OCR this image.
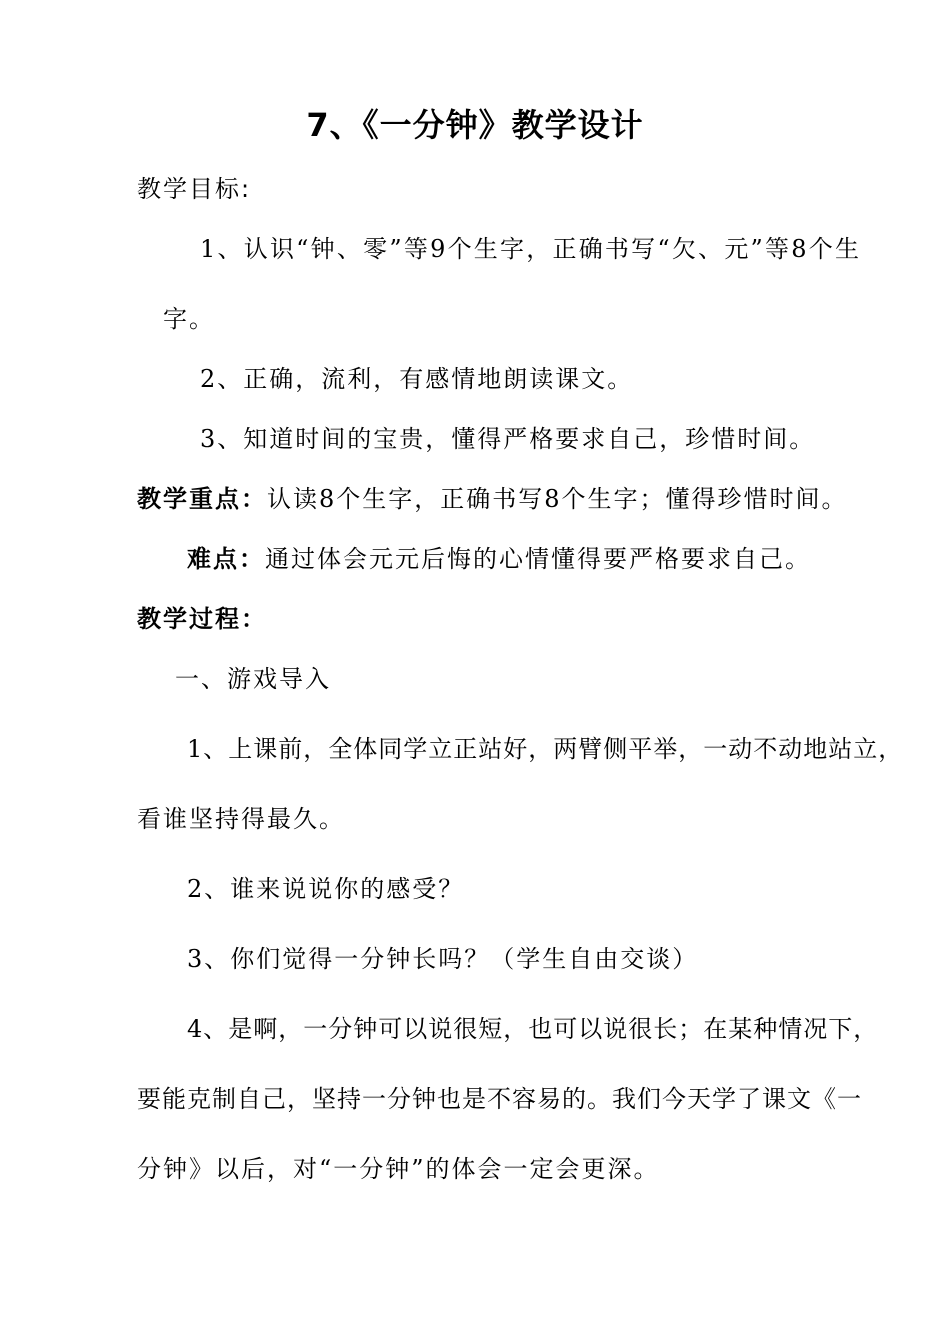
7、《一分钟》教学设计
教学目标:
1、认识“钟、零”等9个生字，正确书写“欠、元”等8个生
字。
2、正确，流利，有感情地朗读课文。
3、知道时间的宝贵，懂得严格要求自己，珍惜时间。
教学重点：认读8个生字，正确书写8个生字；懂得珍惜时间。
难点：通过体会元元后悔的心情懂得要严格要求自己。
教学过程：
一、游戏导入
1、上课前，全体同学立正站好，两臂侧平举，一动不动地站立，
看谁坚持得最久。
2、谁来说说你的感受？
3、你们觉得一分钟长吗？（学生自由交谈）
4、是啊，一分钟可以说很短，也可以说很长；在某种情况下，
要能克制自己，坚持一分钟也是不容易的。我们今天学了课文《一
分钟》以后，对“一分钟”的体会一定会更深。
